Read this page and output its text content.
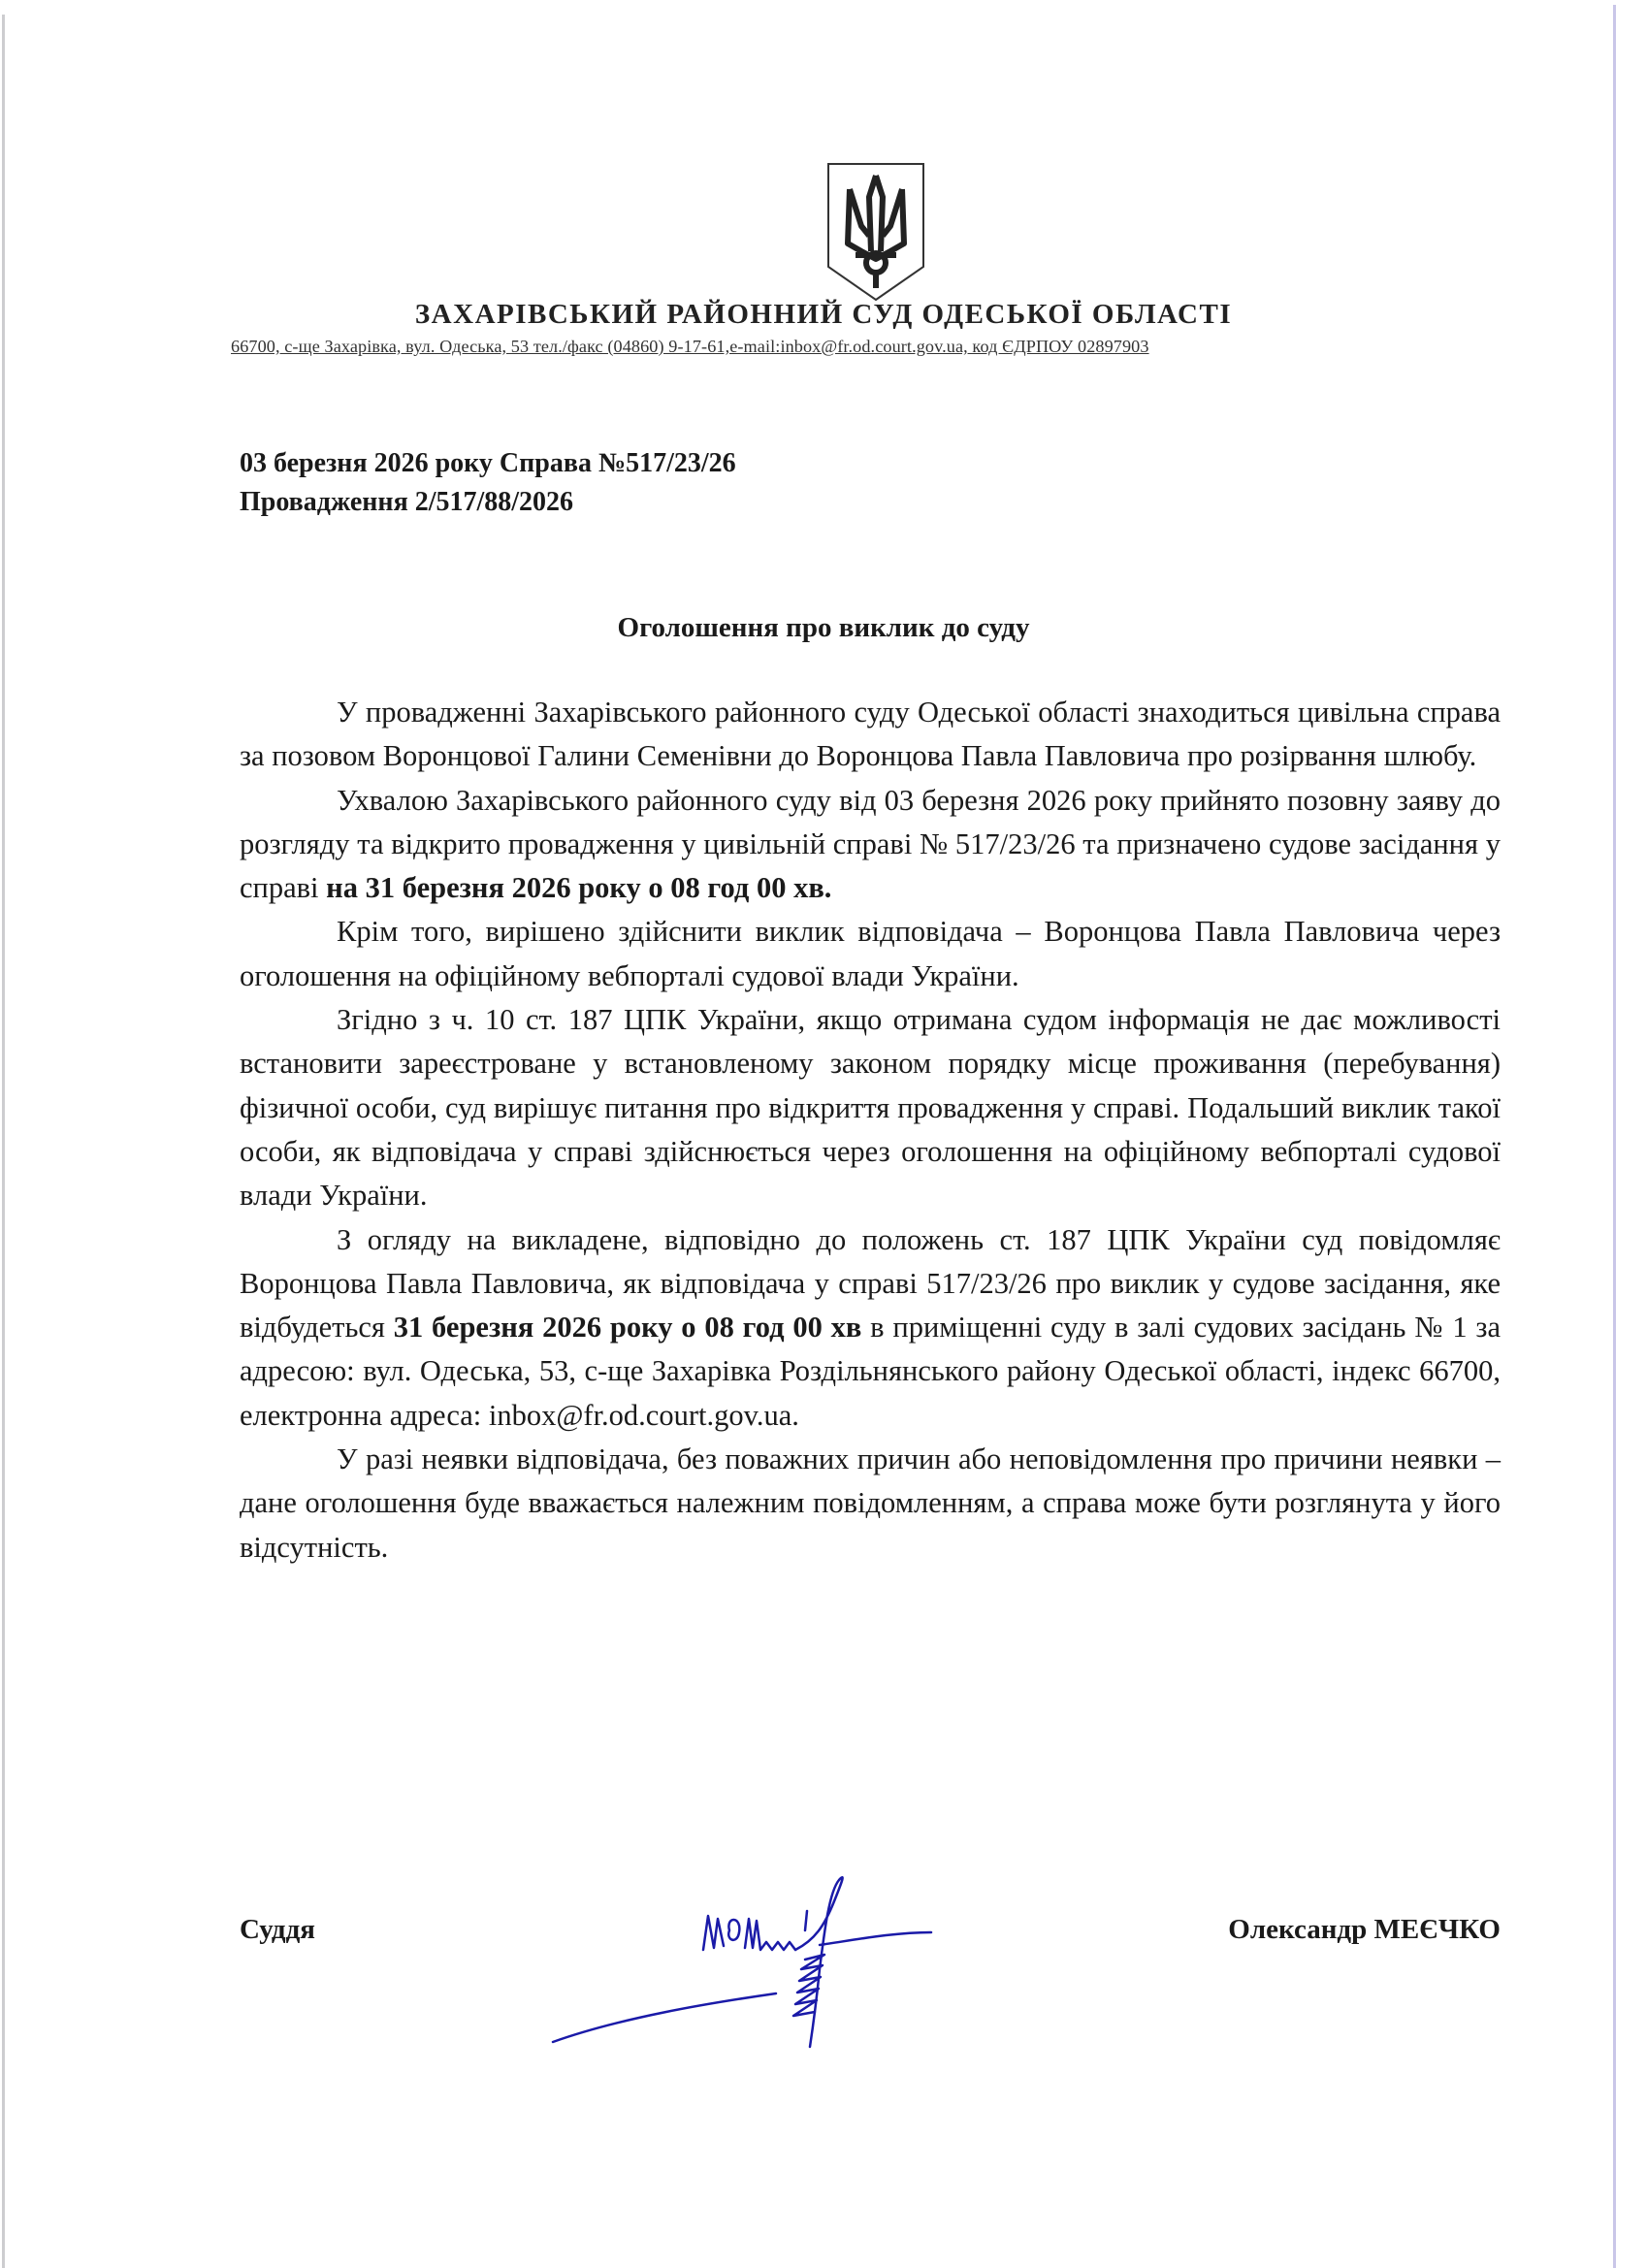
ЗАХАРІВСЬКИЙ РАЙОННИЙ СУД ОДЕСЬКОЇ ОБЛАСТІ
66700, с-ще Захарівка, вул. Одеська, 53 тел./факс (04860) 9-17-61,e-mail:inbox@fr.od.court.gov.ua, код ЄДРПОУ 02897903
03 березня 2026 року Справа №517/23/26
Провадження 2/517/88/2026
Оголошення про виклик до суду

У провадженні Захарівського районного суду Одеської області знаходиться цивільна справа за позовом Воронцової Галини Семенівни до Воронцова Павла Павловича про розірвання шлюбу.

Ухвалою Захарівського районного суду від 03 березня 2026 року прийнято позовну заяву до розгляду та відкрито провадження у цивільній справі № 517/23/26 та призначено судове засідання у справі на 31 березня 2026 року о 08 год 00 хв.

Крім того, вирішено здійснити виклик відповідача – Воронцова Павла Павловича через оголошення на офіційному вебпорталі судової влади України.

Згідно з ч. 10 ст. 187 ЦПК України, якщо отримана судом інформація не дає можливості встановити зареєстроване у встановленому законом порядку місце проживання (перебування) фізичної особи, суд вирішує питання про відкриття провадження у справі. Подальший виклик такої особи, як відповідача у справі здійснюється через оголошення на офіційному вебпорталі судової влади України.

З огляду на викладене, відповідно до положень ст. 187 ЦПК України суд повідомляє Воронцова Павла Павловича, як відповідача у справі 517/23/26 про виклик у судове засідання, яке відбудеться 31 березня 2026 року о 08 год 00 хв в приміщенні суду в залі судових засідань № 1 за адресою: вул. Одеська, 53, с-ще Захарівка Роздільнянського району Одеської області, індекс 66700, електронна адреса: inbox@fr.od.court.gov.ua.

У разі неявки відповідача, без поважних причин або неповідомлення про причини неявки – дане оголошення буде вважається належним повідомленням, а справа може бути розглянута у його відсутність.

Суддя	Олександр МЕЄЧКО
